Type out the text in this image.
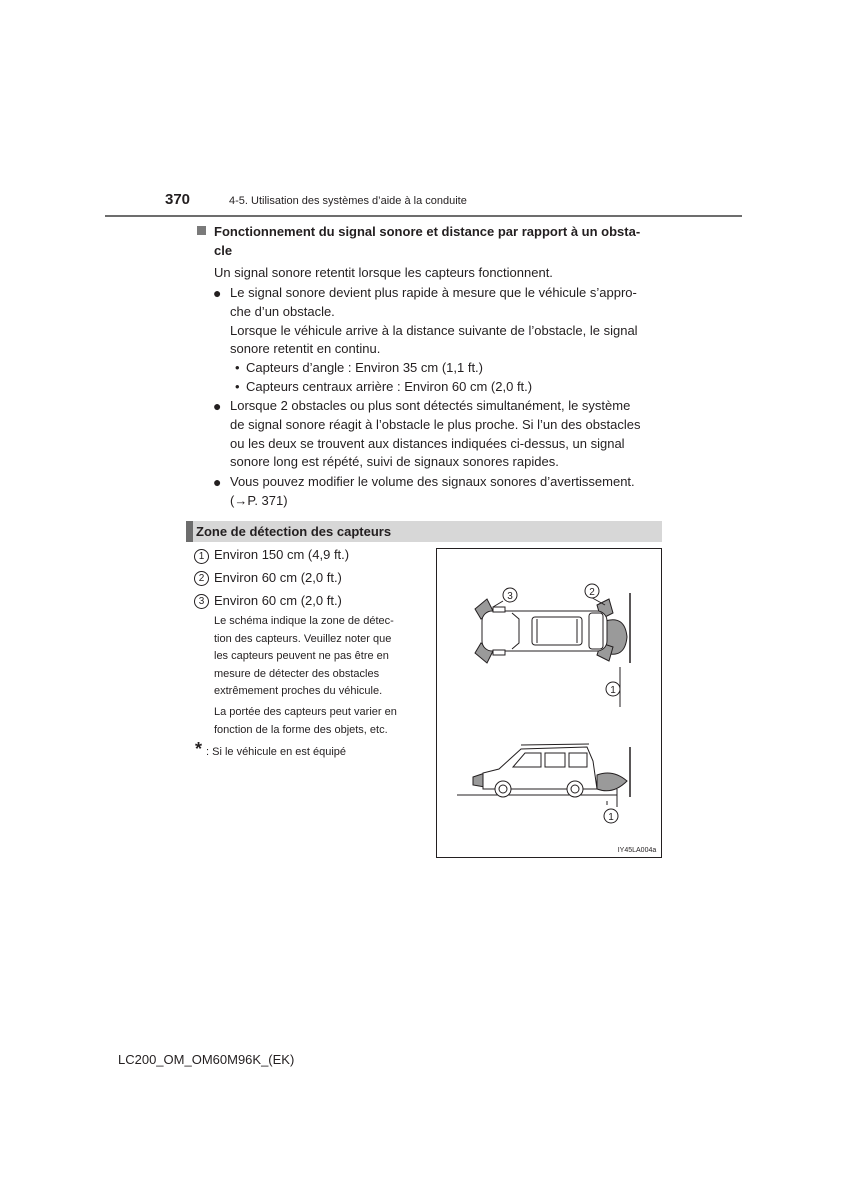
370	4-5. Utilisation des systèmes d’aide à la conduite
Fonctionnement du signal sonore et distance par rapport à un obsta-
cle
Un signal sonore retentit lorsque les capteurs fonctionnent.
● Le signal sonore devient plus rapide à mesure que le véhicule s’appro-
che d’un obstacle.
Lorsque le véhicule arrive à la distance suivante de l’obstacle, le signal
sonore retentit en continu.
• Capteurs d’angle : Environ 35 cm (1,1 ft.)
• Capteurs centraux arrière : Environ 60 cm (2,0 ft.)
● Lorsque 2 obstacles ou plus sont détectés simultanément, le système
de signal sonore réagit à l’obstacle le plus proche. Si l’un des obstacles
ou les deux se trouvent aux distances indiquées ci-dessus, un signal
sonore long est répété, suivi de signaux sonores rapides.
● Vous pouvez modifier le volume des signaux sonores d’avertissement.
(→P. 371)
Zone de détection des capteurs
1 Environ 150 cm (4,9 ft.)
2 Environ 60 cm (2,0 ft.)
3 Environ 60 cm (2,0 ft.)
Le schéma indique la zone de détec-
tion des capteurs. Veuillez noter que
les capteurs peuvent ne pas être en
mesure de détecter des obstacles
extrêmement proches du véhicule.
La portée des capteurs peut varier en
fonction de la forme des objets, etc.
* : Si le véhicule en est équipé
3	2
1
1
IY45LA004a
LC200_OM_OM60M96K_(EK)
